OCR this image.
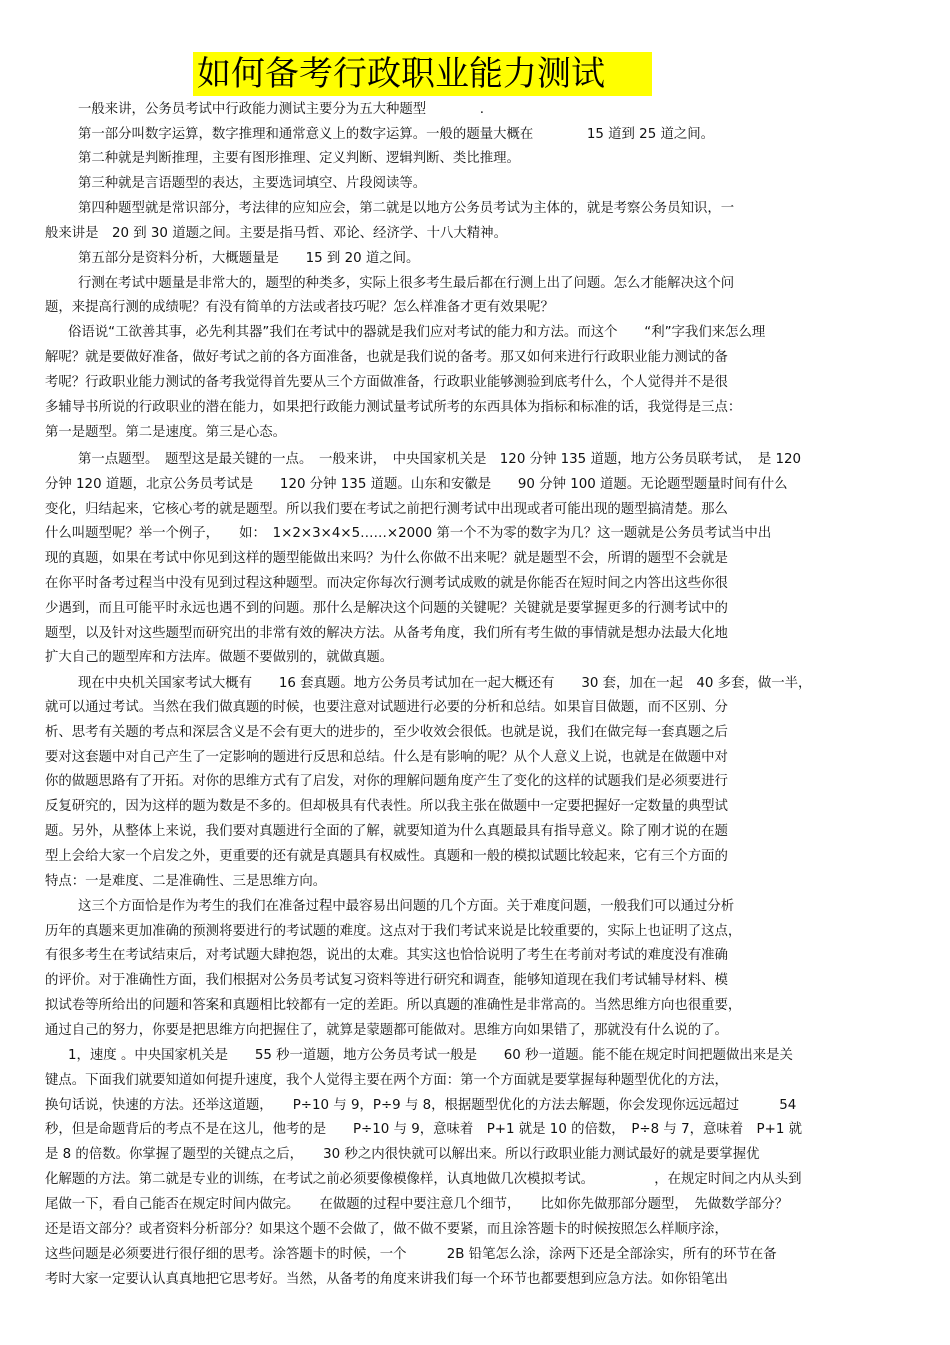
如何备考行政职业能力测试
一般来讲，公务员考试中行政能力测试主要分为五大种题型　　　　.
第一部分叫数字运算，数字推理和通常意义上的数字运算。一般的题量大概在　　　　15 道到 25 道之间。
第二种就是判断推理，主要有图形推理、定义判断、逻辑判断、类比推理。
第三种就是言语题型的表达，主要选词填空、片段阅读等。
第四种题型就是常识部分，考法律的应知应会，第二就是以地方公务员考试为主体的，就是考察公务员知识，一
般来讲是　20 到 30 道题之间。主要是指马哲、邓论、经济学、十八大精神。
第五部分是资料分析，大概题量是　　15 到 20 道之间。
行测在考试中题量是非常大的，题型的种类多，实际上很多考生最后都在行测上出了问题。怎么才能解决这个问
题，来提高行测的成绩呢？有没有简单的方法或者技巧呢？怎么样准备才更有效果呢？
俗语说“工欲善其事，必先利其器”我们在考试中的器就是我们应对考试的能力和方法。而这个　　“利”字我们来怎么理
解呢？就是要做好准备，做好考试之前的各方面准备，也就是我们说的备考。那又如何来进行行政职业能力测试的备
考呢？行政职业能力测试的备考我觉得首先要从三个方面做准备，行政职业能够测验到底考什么，个人觉得并不是很
多辅导书所说的行政职业的潜在能力，如果把行政能力测试量考试所考的东西具体为指标和标准的话，我觉得是三点：
第一是题型。第二是速度。第三是心态。
第一点题型。　题型这是最关键的一点。　一般来讲，　中央国家机关是　120 分钟 135 道题，地方公务员联考试，　是 120
分钟 120 道题，北京公务员考试是　　120 分钟 135 道题。山东和安徽是　　90 分钟 100 道题。无论题型题量时间有什么
变化，归结起来，它核心考的就是题型。所以我们要在考试之前把行测考试中出现或者可能出现的题型搞清楚。那么
什么叫题型呢？举一个例子，　　如：　1×2×3×4×5……×2000 第一个不为零的数字为几？这一题就是公务员考试当中出
现的真题，如果在考试中你见到这样的题型能做出来吗？为什么你做不出来呢？就是题型不会，所谓的题型不会就是
在你平时备考过程当中没有见到过程这种题型。而决定你每次行测考试成败的就是你能否在短时间之内答出这些你很
少遇到，而且可能平时永远也遇不到的问题。那什么是解决这个问题的关键呢？关键就是要掌握更多的行测考试中的
题型，以及针对这些题型而研究出的非常有效的解决方法。从备考角度，我们所有考生做的事情就是想办法最大化地
扩大自己的题型库和方法库。做题不要做别的，就做真题。
现在中央机关国家考试大概有　　16 套真题。地方公务员考试加在一起大概还有　　30 套，加在一起　40 多套，做一半，
就可以通过考试。当然在我们做真题的时候，也要注意对试题进行必要的分析和总结。如果盲目做题，而不区别、分
析、思考有关题的考点和深层含义是不会有更大的进步的，至少收效会很低。也就是说，我们在做完每一套真题之后
要对这套题中对自己产生了一定影响的题进行反思和总结。什么是有影响的呢？从个人意义上说，也就是在做题中对
你的做题思路有了开拓。对你的思维方式有了启发，对你的理解问题角度产生了变化的这样的试题我们是必须要进行
反复研究的，因为这样的题为数是不多的。但却极具有代表性。所以我主张在做题中一定要把握好一定数量的典型试
题。另外，从整体上来说，我们要对真题进行全面的了解，就要知道为什么真题最具有指导意义。除了刚才说的在题
型上会给大家一个启发之外，更重要的还有就是真题具有权威性。真题和一般的模拟试题比较起来，它有三个方面的
特点：一是难度、二是准确性、三是思维方向。
这三个方面恰是作为考生的我们在准备过程中最容易出问题的几个方面。关于难度问题，一般我们可以通过分析
历年的真题来更加准确的预测将要进行的考试题的难度。这点对于我们考试来说是比较重要的，实际上也证明了这点，
有很多考生在考试结束后，对考试题大肆抱怨，说出的太难。其实这也恰恰说明了考生在考前对考试的难度没有准确
的评价。对于准确性方面，我们根据对公务员考试复习资料等进行研究和调查，能够知道现在我们考试辅导材料、模
拟试卷等所给出的问题和答案和真题相比较都有一定的差距。所以真题的准确性是非常高的。当然思维方向也很重要，
通过自己的努力，你要是把思维方向把握住了，就算是蒙题都可能做对。思维方向如果错了，那就没有什么说的了。
1，速度 。中央国家机关是　　55 秒一道题，地方公务员考试一般是　　60 秒一道题。能不能在规定时间把题做出来是关
键点。下面我们就要知道如何提升速度，我个人觉得主要在两个方面：第一个方面就是要掌握每种题型优化的方法，
换句话说，快速的方法。还举这道题，　　P÷10 与 9，P÷9 与 8，根据题型优化的方法去解题，你会发现你远远超过　　　54
秒，但是命题背后的考点不是在这儿，他考的是　　P÷10 与 9，意味着　P+1 就是 10 的倍数，　P÷8 与 7，意味着　P+1 就
是 8 的倍数。你掌握了题型的关键点之后，　　30 秒之内很快就可以解出来。所以行政职业能力测试最好的就是要掌握优
化解题的方法。第二就是专业的训练，在考试之前必须要像模像样，认真地做几次模拟考试。　　　　　，在规定时间之内从头到
尾做一下，看自己能否在规定时间内做完。　　在做题的过程中要注意几个细节，　　比如你先做那部分题型，　先做数学部分？
还是语文部分？或者资料分析部分？如果这个题不会做了，做不做不要紧，而且涂答题卡的时候按照怎么样顺序涂，
这些问题是必须要进行很仔细的思考。涂答题卡的时候，一个　　　2B 铅笔怎么涂，涂两下还是全部涂实，所有的环节在备
考时大家一定要认认真真地把它思考好。当然，从备考的角度来讲我们每一个环节也都要想到应急方法。如你铅笔出
